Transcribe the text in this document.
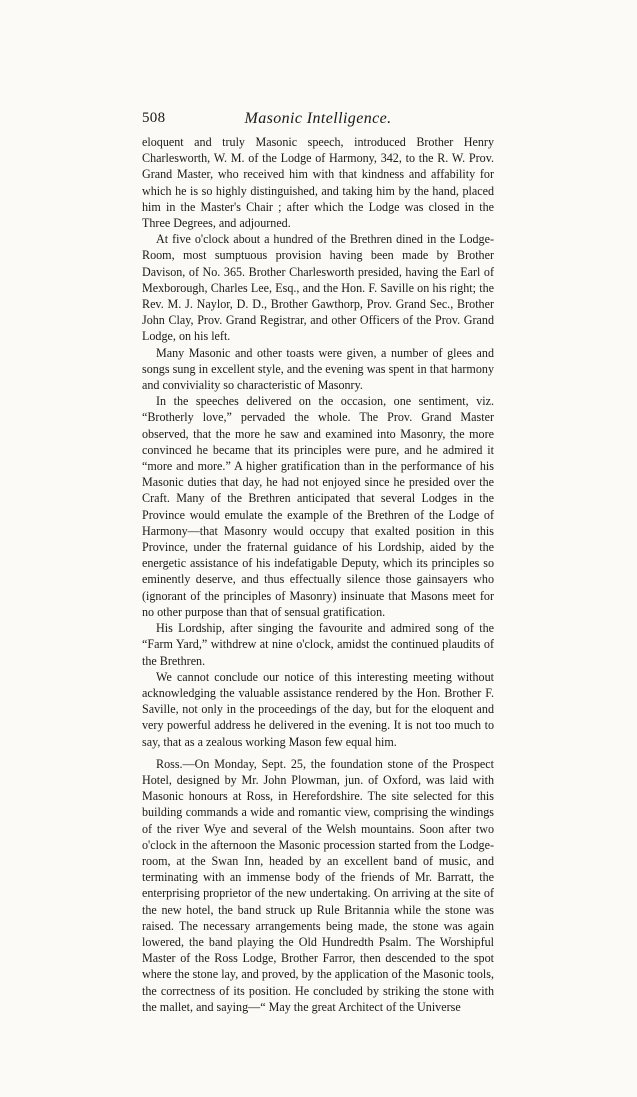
508	Masonic Intelligence.

eloquent and truly Masonic speech, introduced Brother Henry Charlesworth, W. M. of the Lodge of Harmony, 342, to the R. W. Prov. Grand Master, who received him with that kindness and affability for which he is so highly distinguished, and taking him by the hand, placed him in the Master's Chair ; after which the Lodge was closed in the Three Degrees, and adjourned.

At five o'clock about a hundred of the Brethren dined in the Lodge-Room, most sumptuous provision having been made by Brother Davison, of No. 365. Brother Charlesworth presided, having the Earl of Mexborough, Charles Lee, Esq., and the Hon. F. Saville on his right; the Rev. M. J. Naylor, D. D., Brother Gawthorp, Prov. Grand Sec., Brother John Clay, Prov. Grand Registrar, and other Officers of the Prov. Grand Lodge, on his left.

Many Masonic and other toasts were given, a number of glees and songs sung in excellent style, and the evening was spent in that harmony and conviviality so characteristic of Masonry.

In the speeches delivered on the occasion, one sentiment, viz. “Brotherly love,” pervaded the whole. The Prov. Grand Master observed, that the more he saw and examined into Masonry, the more convinced he became that its principles were pure, and he admired it “more and more.” A higher gratification than in the performance of his Masonic duties that day, he had not enjoyed since he presided over the Craft. Many of the Brethren anticipated that several Lodges in the Province would emulate the example of the Brethren of the Lodge of Harmony—that Masonry would occupy that exalted position in this Province, under the fraternal guidance of his Lordship, aided by the energetic assistance of his indefatigable Deputy, which its principles so eminently deserve, and thus effectually silence those gainsayers who (ignorant of the principles of Masonry) insinuate that Masons meet for no other purpose than that of sensual gratification.

His Lordship, after singing the favourite and admired song of the “Farm Yard,” withdrew at nine o'clock, amidst the continued plaudits of the Brethren.

We cannot conclude our notice of this interesting meeting without acknowledging the valuable assistance rendered by the Hon. Brother F. Saville, not only in the proceedings of the day, but for the eloquent and very powerful address he delivered in the evening. It is not too much to say, that as a zealous working Mason few equal him.

Ross.—On Monday, Sept. 25, the foundation stone of the Prospect Hotel, designed by Mr. John Plowman, jun. of Oxford, was laid with Masonic honours at Ross, in Herefordshire. The site selected for this building commands a wide and romantic view, comprising the windings of the river Wye and several of the Welsh mountains. Soon after two o'clock in the afternoon the Masonic procession started from the Lodge-room, at the Swan Inn, headed by an excellent band of music, and terminating with an immense body of the friends of Mr. Barratt, the enterprising proprietor of the new undertaking. On arriving at the site of the new hotel, the band struck up Rule Britannia while the stone was raised. The necessary arrangements being made, the stone was again lowered, the band playing the Old Hundredth Psalm. The Worshipful Master of the Ross Lodge, Brother Farror, then descended to the spot where the stone lay, and proved, by the application of the Masonic tools, the correctness of its position. He concluded by striking the stone with the mallet, and saying—“ May the great Architect of the Universe
